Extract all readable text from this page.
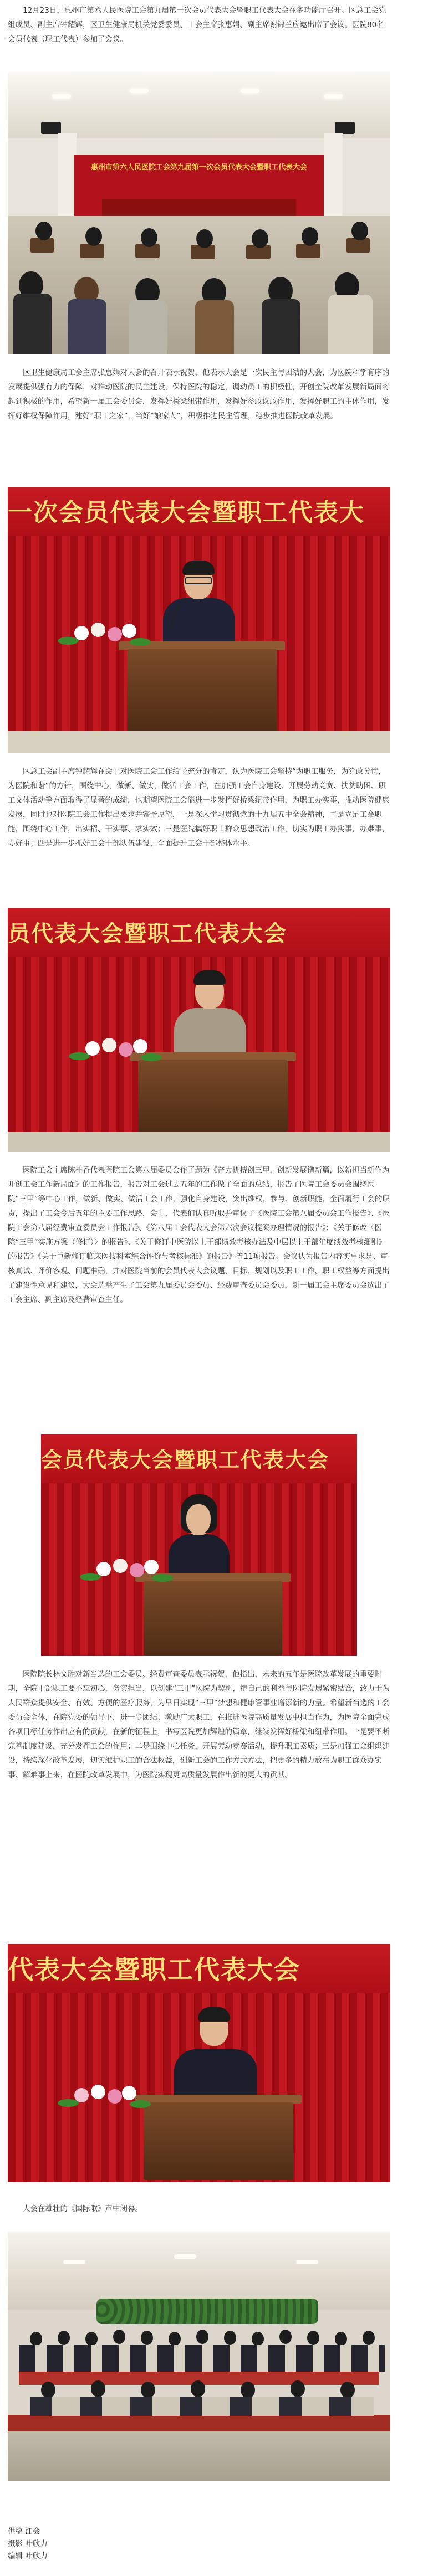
12月23日，惠州市第六人民医院工会第九届第一次会员代表大会暨职工代表大会在多功能厅召开。区总工会党组成员、副主席钟耀辉，区卫生健康局机关党委委员、工会主席张惠娟、副主席谢锦兰应邀出席了会议。医院80名会员代表（职工代表）参加了会议。

惠州市第六人民医院工会第九届第一次会员代表大会暨职工代表大会

区卫生健康局工会主席张惠娟对大会的召开表示祝贺，他表示大会是一次民主与团结的大会，为医院科学有序的发展提供强有力的保障，对推动医院的民主建设，保持医院的稳定，调动员工的积极性，开创全院改革发展新局面将起到积极的作用，希望新一届工会委员会，发挥好桥梁纽带作用，发挥好参政议政作用，发挥好职工的主体作用，发挥好维权保障作用，建好“职工之家”，当好“娘家人”，积极推进民主管理，稳步推进医院改革发展。

一次会员代表大会暨职工代表大

区总工会副主席钟耀辉在会上对医院工会工作给予充分的肯定，认为医院工会坚持“为职工服务，为党政分忧，为医院和谐”的方针，围绕中心，做新、做实，做活工会工作，在加强工会自身建设、开展劳动竞赛、扶贫助困、职工文体活动等方面取得了显著的成绩，也期望医院工会能进一步发挥好桥梁纽带作用，为职工办实事，推动医院健康发展，同时也对医院工会工作提出要求并寄予厚望，一是深入学习贯彻党的十九届五中全会精神，二是立足工会职能，围绕中心工作，出实招、干实事、求实效；三是医院搞好职工群众思想政治工作，切实为职工办实事，办难事，办好事；四是进一步抓好工会干部队伍建设，全面提升工会干部整体水平。

员代表大会暨职工代表大会

医院工会主席陈桂香代表医院工会第八届委员会作了题为《奋力拼搏创三甲，创新发展谱新篇，以新担当新作为开创工会工作新局面》的工作报告，报告对工会过去五年的工作做了全面的总结，报告了医院工会委员会围绕医院“三甲”等中心工作，做新、做实、做活工会工作，强化自身建设，突出维权，参与、创新职能，全面履行工会的职责，提出了工会今后五年的主要工作思路，会上，代表们认真听取并审议了《医院工会第八届委员会工作报告》、《医院工会第八届经费审查委员会工作报告》、《第八届工会代表大会第六次会议提案办理情况的报告》；《关于修改〈医院“三甲”实施方案（修订）〉的报告》、《关于修订中医院以上干部绩效考核办法及中层以上干部年度绩效考核细则》的报告》《关于重新修订临床医技科室综合评价与考核标准》的报告》等11项报告。会议认为报告内容实事求是、审核真诚、评价客观、问题准确，并对医院当前的会员代表大会议题、目标、规划以及职工工作，职工权益等方面提出了建设性意见和建议，大会选举产生了工会第九届委员会委员、经费审查委员会委员，新一届工会主席委员会选出了工会主席、副主席及经费审查主任。

会员代表大会暨职工代表大会

医院院长林文胜对新当选的工会委员、经费审查委员表示祝贺，他指出，未来的五年是医院改革发展的重要时期，全院干部职工要不忘初心，务实担当，以创建“三甲”医院为契机，把自己的利益与医院发展紧密结合，致力于为人民群众提供安全、有效、方便的医疗服务，为早日实现“三甲”梦想和健康管事业增添新的力量。希望新当选的工会委员会全体，在院党委的领导下，进一步团结、激励广大职工，在推进医院高质量发展中担当作为，为医院全面完成各项目标任务作出应有的贡献，在新的征程上，书写医院更加辉煌的篇章，继续发挥好桥梁和纽带作用。一是要不断完善制度建设，充分发挥工会的作用；二是围绕中心任务，开展劳动竞赛活动，提升职工素质；三是加强工会组织建设，持续深化改革发展，切实维护职工的合法权益，创新工会的工作方式方法，把更多的精力放在为职工群众办实事、解难事上来，在医院改革发展中，为医院实现更高质量发展作出新的更大的贡献。

代表大会暨职工代表大会

大会在雄壮的《国际歌》声中闭幕。

供稿 江会
摄影 叶欣力
编辑 叶欣力
